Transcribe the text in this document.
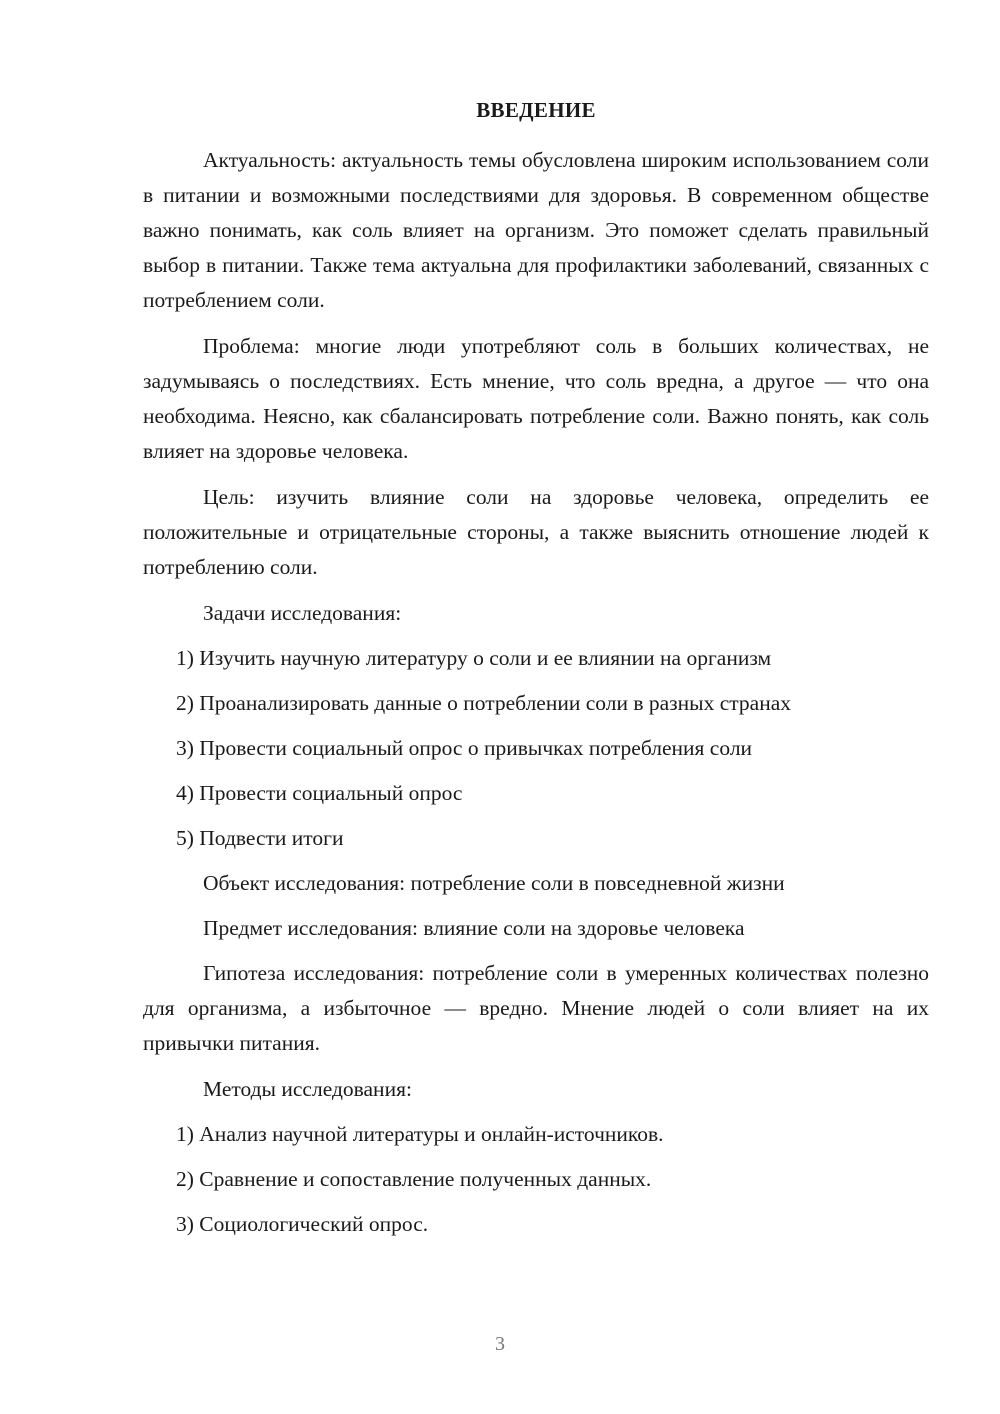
ВВЕДЕНИЕ

Актуальность: актуальность темы обусловлена широким использованием соли в питании и возможными последствиями для здоровья. В современном обществе важно понимать, как соль влияет на организм. Это поможет сделать правильный выбор в питании. Также тема актуальна для профилактики заболеваний, связанных с потреблением соли.

Проблема: многие люди употребляют соль в больших количествах, не задумываясь о последствиях. Есть мнение, что соль вредна, а другое — что она необходима. Неясно, как сбалансировать потребление соли. Важно понять, как соль влияет на здоровье человека.

Цель: изучить влияние соли на здоровье человека, определить ее положительные и отрицательные стороны, а также выяснить отношение людей к потреблению соли.

Задачи исследования:
1) Изучить научную литературу о соли и ее влиянии на организм
2) Проанализировать данные о потреблении соли в разных странах
3) Провести социальный опрос о привычках потребления соли
4) Провести социальный опрос
5) Подвести итоги
Объект исследования: потребление соли в повседневной жизни
Предмет исследования: влияние соли на здоровье человека

Гипотеза исследования: потребление соли в умеренных количествах полезно для организма, а избыточное — вредно. Мнение людей о соли влияет на их привычки питания.

Методы исследования:
1) Анализ научной литературы и онлайн-источников.
2) Сравнение и сопоставление полученных данных.
3) Социологический опрос.
3
